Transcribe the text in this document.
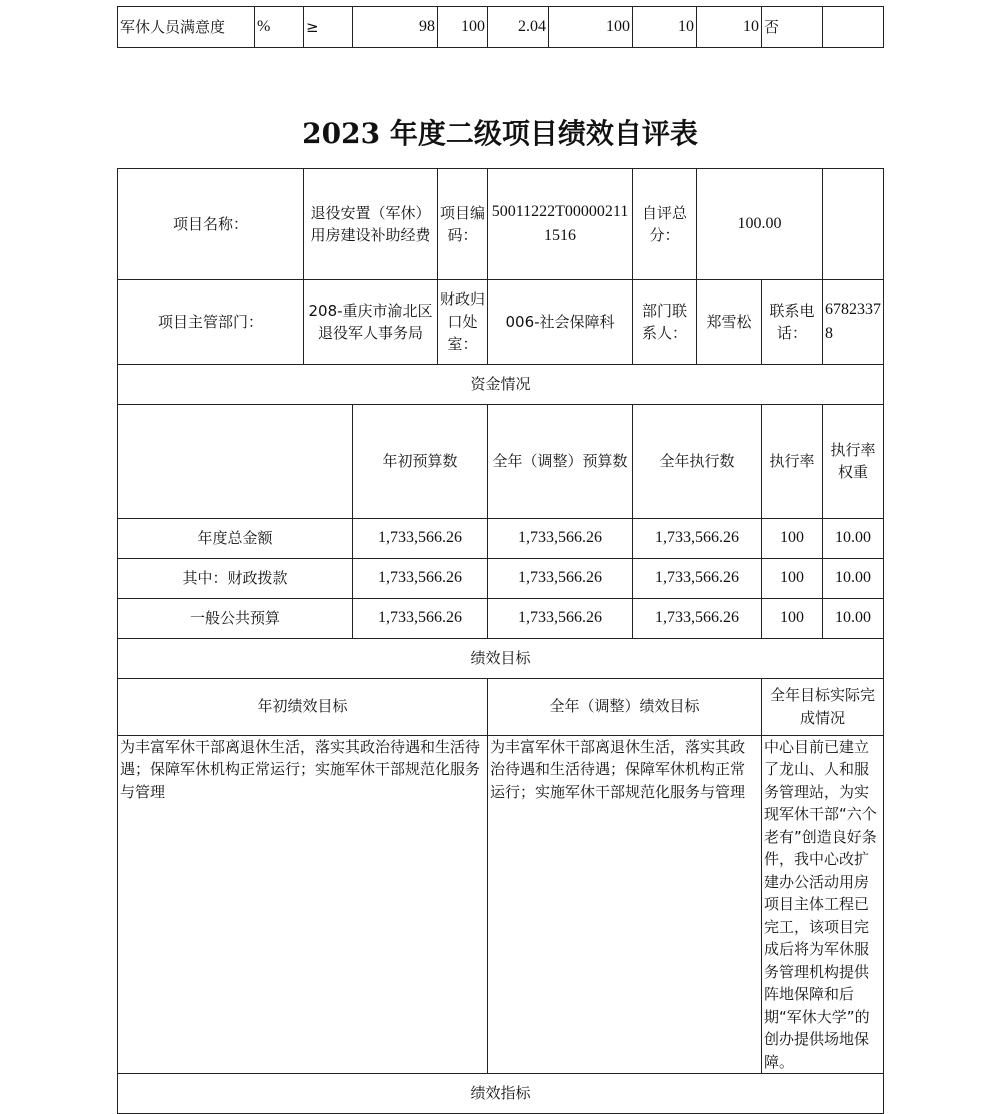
军休人员满意度	%	≥	98	100	2.04	100	10	10	否	
2023 年度二级项目绩效自评表
项目名称：	退役安置（军休）用房建设补助经费		项目编码：	50011222T000002111516	自评总分：	100.00			
项目主管部门：	208-重庆市渝北区退役军人事务局		财政归口处室：	006-社会保障科	部门联系人：	郑雪松	联系电话：	67823378	
资金情况									
		年初预算数		全年（调整）预算数	全年执行数		执行率	执行率权重	
年度总金额		1,733,566.26		1,733,566.26	1,733,566.26		100	10.00	
其中：财政拨款		1,733,566.26		1,733,566.26	1,733,566.26		100	10.00	
一般公共预算		1,733,566.26		1,733,566.26	1,733,566.26		100	10.00	
绩效目标									
年初绩效目标				全年（调整）绩效目标			全年目标实际完成情况		
为丰富军休干部离退休生活，落实其政治待遇和生活待遇；保障军休机构正常运行；实施军休干部规范化服务与管理				为丰富军休干部离退休生活，落实其政治待遇和生活待遇；保障军休机构正常运行；实施军休干部规范化服务与管理			中心目前已建立了龙山、人和服务管理站，为实现军休干部“六个老有”创造良好条件，我中心改扩建办公活动用房项目主体工程已完工，该项目完成后将为军休服务管理机构提供阵地保障和后期“军休大学”的创办提供场地保障。		
绩效指标									
